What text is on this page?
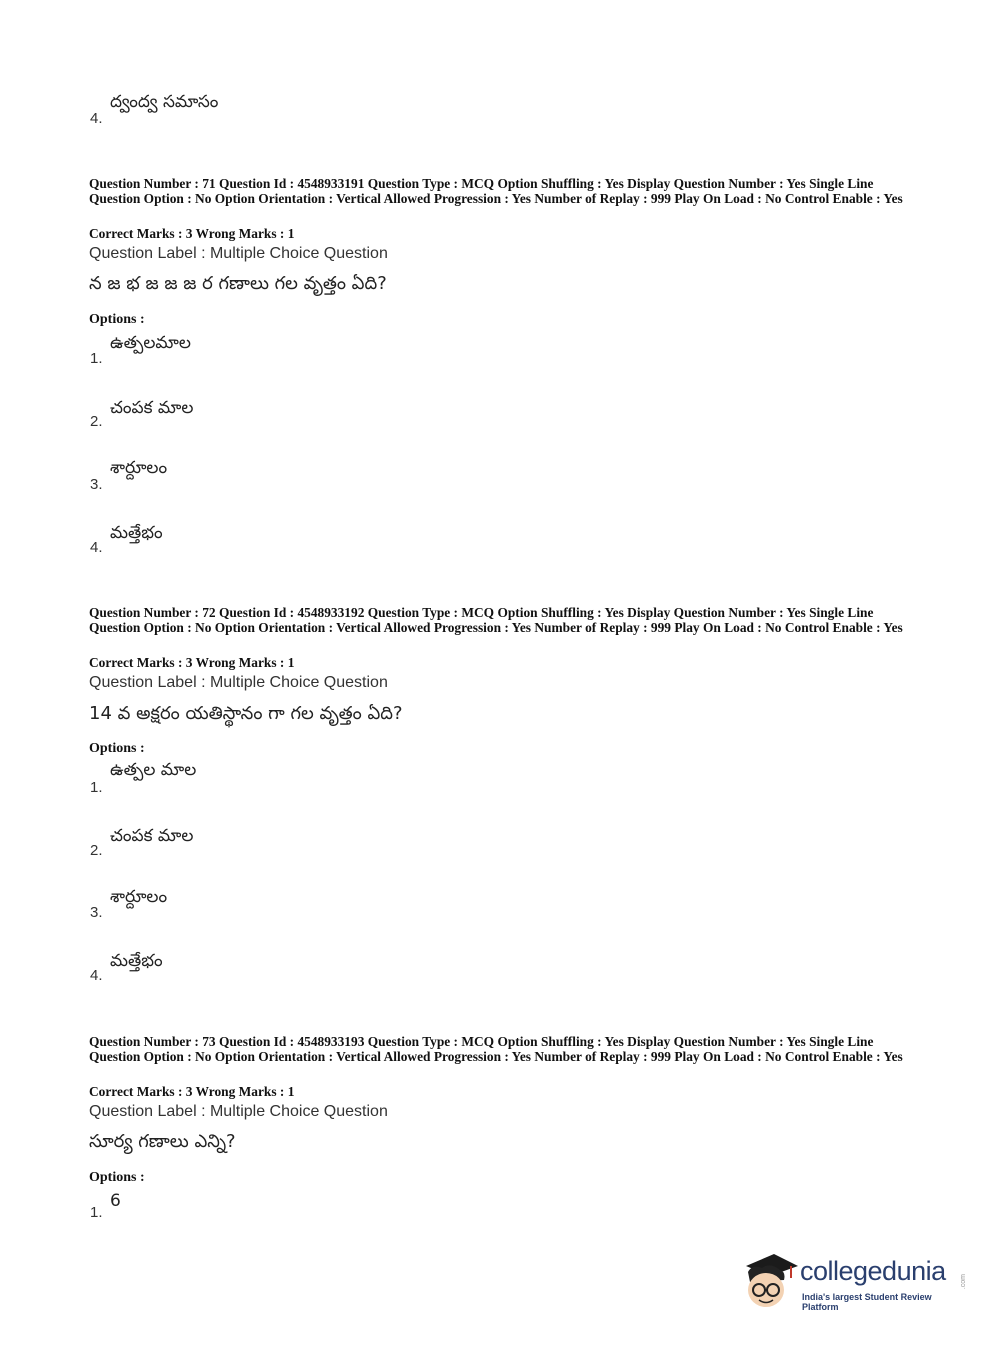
ద్వంద్వ సమాసం
4.
Question Number : 71 Question Id : 4548933191 Question Type : MCQ Option Shuffling : Yes Display Question Number : Yes Single Line Question Option : No Option Orientation : Vertical Allowed Progression : Yes Number of Replay : 999 Play On Load : No Control Enable : Yes
Correct Marks : 3 Wrong Marks : 1
Question Label : Multiple Choice Question
న జ భ జ జ జ ర గణాలు గల వృత్తం ఏది?
Options :
ఉత్పలమాల
1.
చంపక మాల
2.
శార్దూలం
3.
మత్తేభం
4.
Question Number : 72 Question Id : 4548933192 Question Type : MCQ Option Shuffling : Yes Display Question Number : Yes Single Line Question Option : No Option Orientation : Vertical Allowed Progression : Yes Number of Replay : 999 Play On Load : No Control Enable : Yes
Correct Marks : 3 Wrong Marks : 1
Question Label : Multiple Choice Question
14 వ అక్షరం యతిస్థానం గా గల వృత్తం ఏది?
Options :
ఉత్పల మాల
1.
చంపక మాల
2.
శార్దూలం
3.
మత్తేభం
4.
Question Number : 73 Question Id : 4548933193 Question Type : MCQ Option Shuffling : Yes Display Question Number : Yes Single Line Question Option : No Option Orientation : Vertical Allowed Progression : Yes Number of Replay : 999 Play On Load : No Control Enable : Yes
Correct Marks : 3 Wrong Marks : 1
Question Label : Multiple Choice Question
సూర్య గణాలు ఎన్ని?
Options :
6
1.
collegedunia .com
India's largest Student Review Platform
